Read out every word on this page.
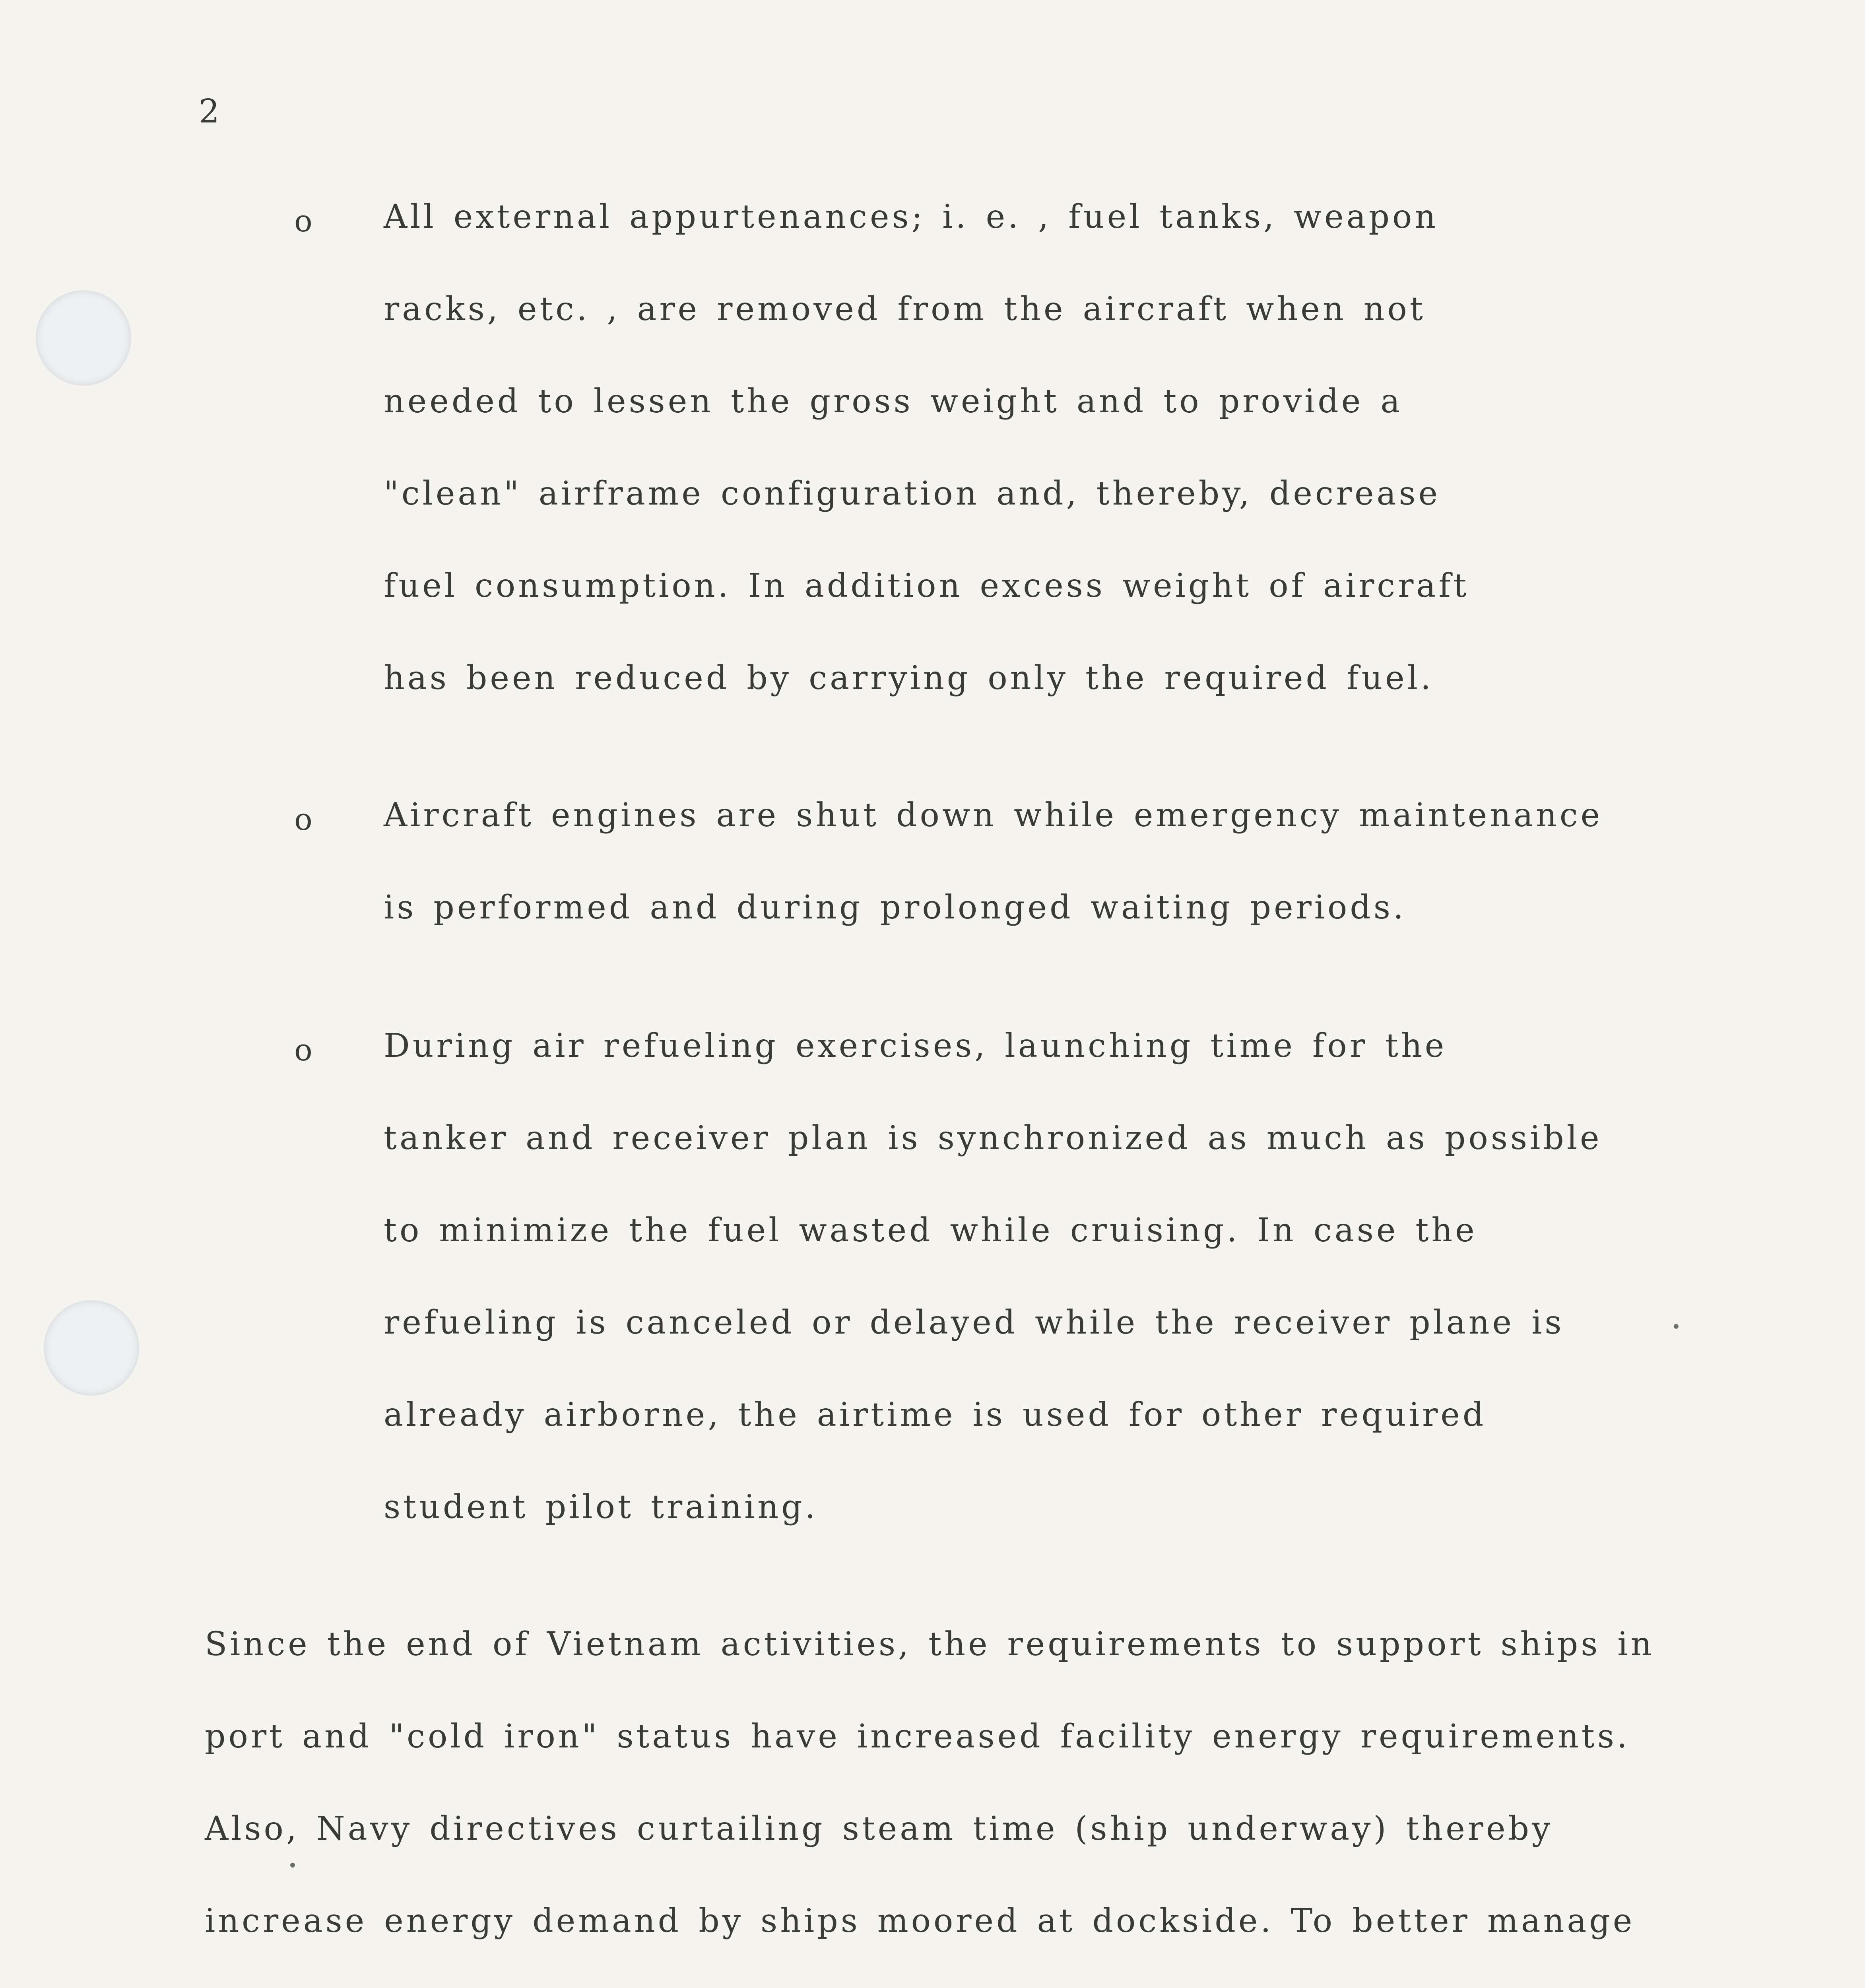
2
o All external appurtenances; i. e. , fuel tanks, weapon
racks, etc. , are removed from the aircraft when not
needed to lessen the gross weight and to provide a
"clean" airframe configuration and, thereby, decrease
fuel consumption. In addition excess weight of aircraft
has been reduced by carrying only the required fuel.
o Aircraft engines are shut down while emergency maintenance
is performed and during prolonged waiting periods.
o During air refueling exercises, launching time for the
tanker and receiver plan is synchronized as much as possible
to minimize the fuel wasted while cruising. In case the
refueling is canceled or delayed while the receiver plane is
already airborne, the airtime is used for other required
student pilot training.
Since the end of Vietnam activities, the requirements to support ships in
port and "cold iron" status have increased facility energy requirements.
Also, Navy directives curtailing steam time (ship underway) thereby
increase energy demand by ships moored at dockside. To better manage
